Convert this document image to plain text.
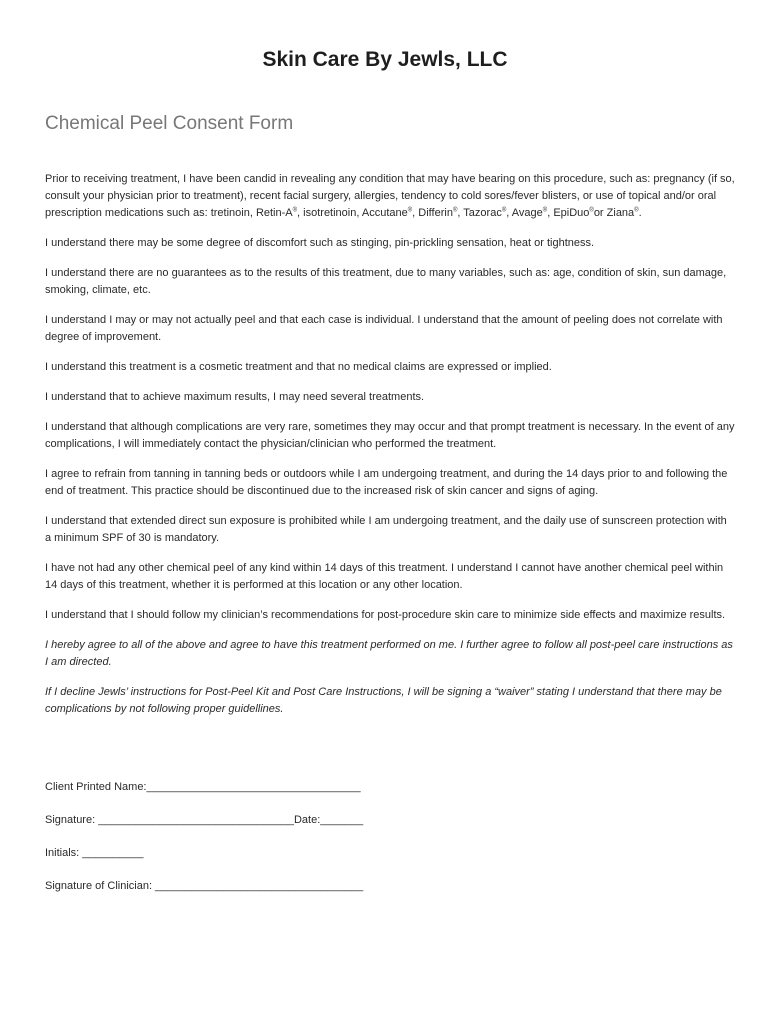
Skin Care By Jewls, LLC
Chemical Peel Consent Form

Prior to receiving treatment, I have been candid in revealing any condition that may have bearing on this procedure, such as: pregnancy (if so, consult your physician prior to treatment), recent facial surgery, allergies, tendency to cold sores/fever blisters, or use of topical and/or oral prescription medications such as: tretinoin, Retin-A®, isotretinoin, Accutane®, Differin®, Tazorac®, Avage®, EpiDuo®or Ziana®.

I understand there may be some degree of discomfort such as stinging, pin-prickling sensation, heat or tightness.

I understand there are no guarantees as to the results of this treatment, due to many variables, such as: age, condition of skin, sun damage, smoking, climate, etc.

I understand I may or may not actually peel and that each case is individual. I understand that the amount of peeling does not correlate with degree of improvement.

I understand this treatment is a cosmetic treatment and that no medical claims are expressed or implied.

I understand that to achieve maximum results, I may need several treatments.

I understand that although complications are very rare, sometimes they may occur and that prompt treatment is necessary. In the event of any complications, I will immediately contact the physician/clinician who performed the treatment.

I agree to refrain from tanning in tanning beds or outdoors while I am undergoing treatment, and during the 14 days prior to and following the end of treatment. This practice should be discontinued due to the increased risk of skin cancer and signs of aging.

I understand that extended direct sun exposure is prohibited while I am undergoing treatment, and the daily use of sunscreen protection with a minimum SPF of 30 is mandatory.

I have not had any other chemical peel of any kind within 14 days of this treatment. I understand I cannot have another chemical peel within 14 days of this treatment, whether it is performed at this location or any other location.

I understand that I should follow my clinician’s recommendations for post-procedure skin care to minimize side effects and maximize results.

I hereby agree to all of the above and agree to have this treatment performed on me. I further agree to follow all post-peel care instructions as I am directed.

If I decline Jewls’ instructions for Post-Peel Kit and Post Care Instructions, I will be signing a “waiver” stating I understand that there may be complications by not following proper guidellines.

Client Printed Name:___________________________________
Signature: ________________________________Date:_______
Initials: __________
Signature of Clinician: __________________________________
